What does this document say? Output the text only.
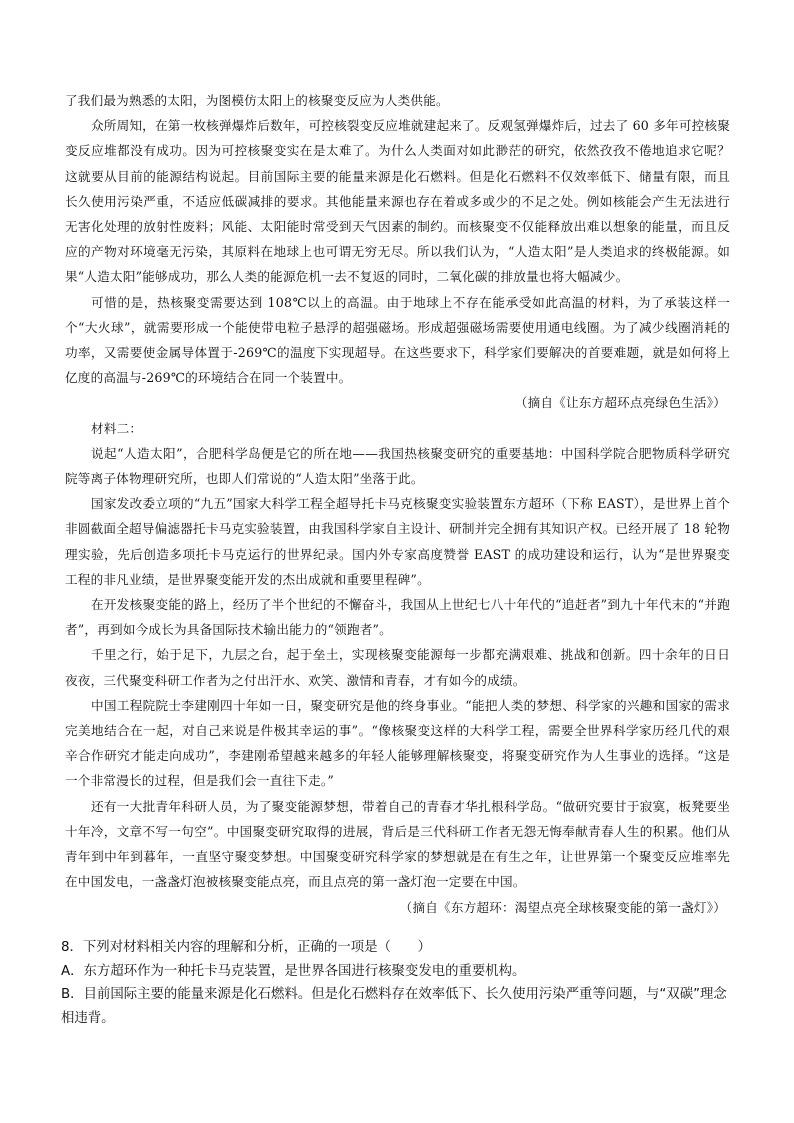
了我们最为熟悉的太阳，为图模仿太阳上的核聚变反应为人类供能。

众所周知，在第一枚核弹爆炸后数年，可控核裂变反应堆就建起来了。反观氢弹爆炸后，过去了 60 多年可控核聚变反应堆都没有成功。因为可控核聚变实在是太难了。为什么人类面对如此渺茫的研究，依然孜孜不倦地追求它呢？这就要从目前的能源结构说起。目前国际主要的能量来源是化石燃料。但是化石燃料不仅效率低下、储量有限，而且长久使用污染严重，不适应低碳减排的要求。其他能量来源也存在着或多或少的不足之处。例如核能会产生无法进行无害化处理的放射性废料；风能、太阳能时常受到天气因素的制约。而核聚变不仅能释放出难以想象的能量，而且反应的产物对环境毫无污染，其原料在地球上也可谓无穷无尽。所以我们认为，“人造太阳”是人类追求的终极能源。如果“人造太阳”能够成功，那么人类的能源危机一去不复返的同时，二氧化碳的排放量也将大幅减少。

可惜的是，热核聚变需要达到 108℃以上的高温。由于地球上不存在能承受如此高温的材料，为了承装这样一个“大火球”，就需要形成一个能使带电粒子悬浮的超强磁场。形成超强磁场需要使用通电线圈。为了减少线圈消耗的功率，又需要使金属导体置于-269℃的温度下实现超导。在这些要求下，科学家们要解决的首要难题，就是如何将上亿度的高温与-269℃的环境结合在同一个装置中。

（摘自《让东方超环点亮绿色生活》）

材料二：

说起“人造太阳”，合肥科学岛便是它的所在地——我国热核聚变研究的重要基地：中国科学院合肥物质科学研究院等离子体物理研究所，也即人们常说的“人造太阳”坐落于此。

国家发改委立项的“九五”国家大科学工程全超导托卡马克核聚变实验装置东方超环（下称 EAST），是世界上首个非圆截面全超导偏滤器托卡马克实验装置，由我国科学家自主设计、研制并完全拥有其知识产权。已经开展了 18 轮物理实验，先后创造多项托卡马克运行的世界纪录。国内外专家高度赞誉 EAST 的成功建设和运行，认为“是世界聚变工程的非凡业绩，是世界聚变能开发的杰出成就和重要里程碑”。

在开发核聚变能的路上，经历了半个世纪的不懈奋斗，我国从上世纪七八十年代的“追赶者”到九十年代末的“并跑者”，再到如今成长为具备国际技术输出能力的“领跑者”。

千里之行，始于足下，九层之台，起于垒土，实现核聚变能源每一步都充满艰难、挑战和创新。四十余年的日日夜夜，三代聚变科研工作者为之付出汗水、欢笑、激情和青春，才有如今的成绩。

中国工程院院士李建刚四十年如一日，聚变研究是他的终身事业。“能把人类的梦想、科学家的兴趣和国家的需求完美地结合在一起，对自己来说是件极其幸运的事”。“像核聚变这样的大科学工程，需要全世界科学家历经几代的艰辛合作研究才能走向成功”，李建刚希望越来越多的年轻人能够理解核聚变，将聚变研究作为人生事业的选择。“这是一个非常漫长的过程，但是我们会一直往下走。”

还有一大批青年科研人员，为了聚变能源梦想，带着自己的青春才华扎根科学岛。“做研究要甘于寂寞，板凳要坐十年冷，文章不写一句空”。中国聚变研究取得的进展，背后是三代科研工作者无怨无悔奉献青春人生的积累。他们从青年到中年到暮年，一直坚守聚变梦想。中国聚变研究科学家的梦想就是在有生之年，让世界第一个聚变反应堆率先在中国发电，一盏盏灯泡被核聚变能点亮，而且点亮的第一盏灯泡一定要在中国。

（摘自《东方超环：渴望点亮全球核聚变能的第一盏灯》）

8．下列对材料相关内容的理解和分析，正确的一项是（　　）

A．东方超环作为一种托卡马克装置，是世界各国进行核聚变发电的重要机构。

B．目前国际主要的能量来源是化石燃料。但是化石燃料存在效率低下、长久使用污染严重等问题，与“双碳”理念相违背。
